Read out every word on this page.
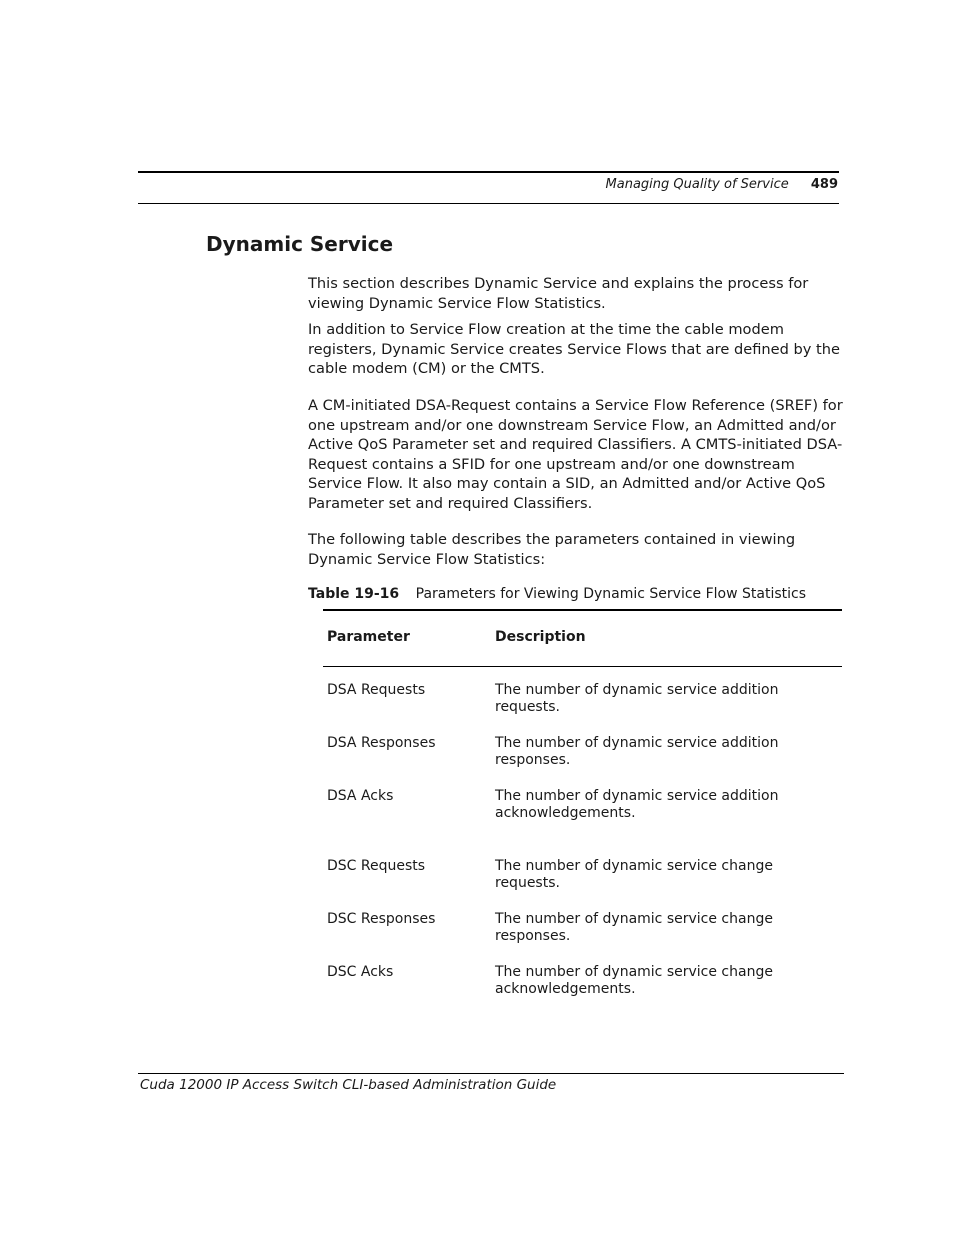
Managing Quality of Service 489
Dynamic Service

This section describes Dynamic Service and explains the process for viewing Dynamic Service Flow Statistics.

In addition to Service Flow creation at the time the cable modem registers, Dynamic Service creates Service Flows that are defined by the cable modem (CM) or the CMTS.

A CM-initiated DSA-Request contains a Service Flow Reference (SREF) for one upstream and/or one downstream Service Flow, an Admitted and/or Active QoS Parameter set and required Classifiers. A CMTS-initiated DSA-Request contains a SFID for one upstream and/or one downstream Service Flow. It also may contain a SID, an Admitted and/or Active QoS Parameter set and required Classifiers.

The following table describes the parameters contained in viewing Dynamic Service Flow Statistics:

Table 19-16 Parameters for Viewing Dynamic Service Flow Statistics
Parameter	Description
DSA Requests	The number of dynamic service addition requests.
DSA Responses	The number of dynamic service addition responses.
DSA Acks	The number of dynamic service addition acknowledgements.
DSC Requests	The number of dynamic service change requests.
DSC Responses	The number of dynamic service change responses.
DSC Acks	The number of dynamic service change acknowledgements.
Cuda 12000 IP Access Switch CLI-based Administration Guide
